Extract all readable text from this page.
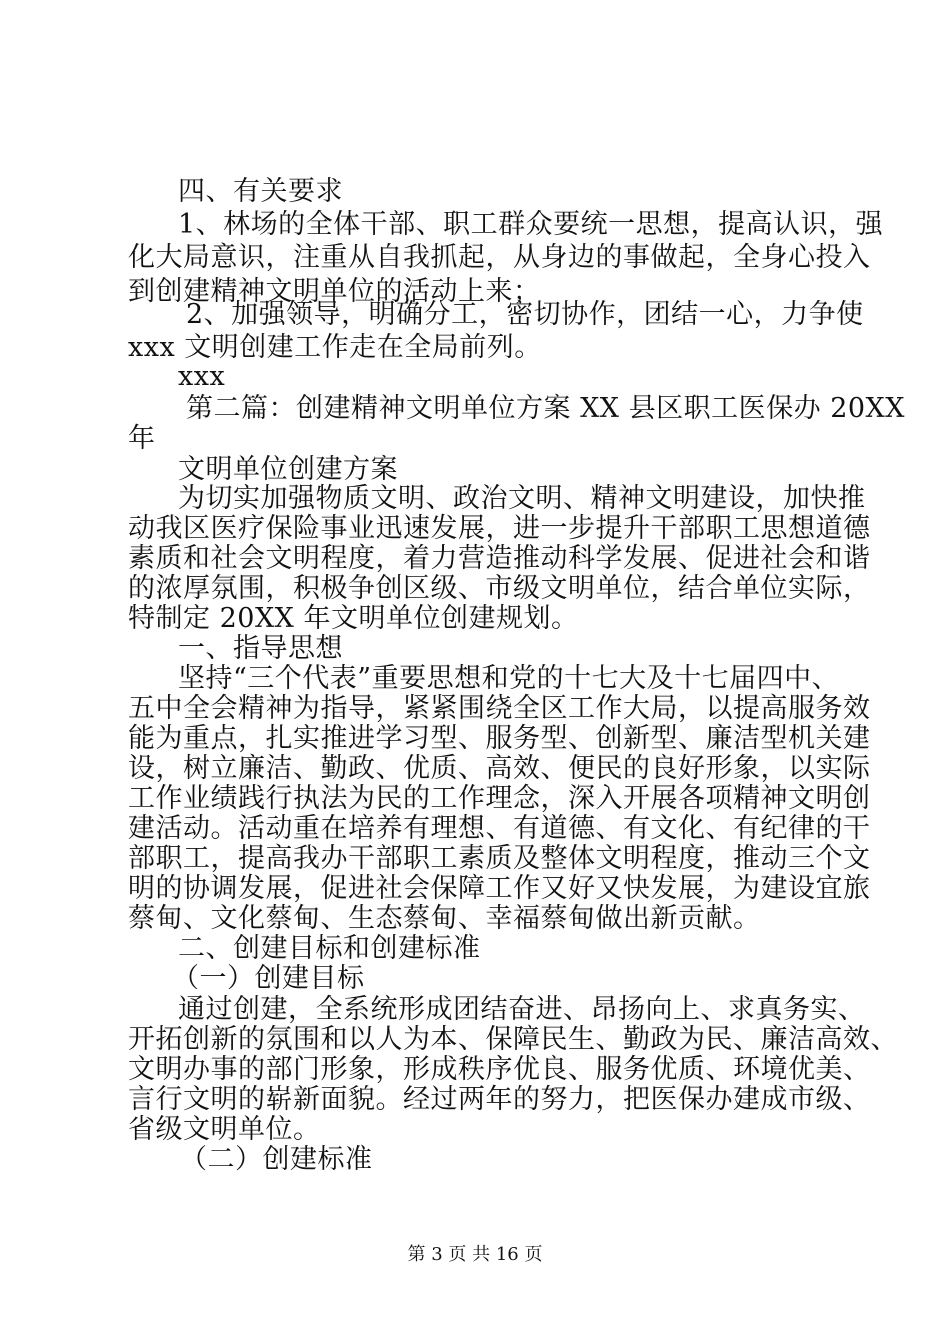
四、有关要求
1、林场的全体干部、职工群众要统一思想，提高认识，强
化大局意识，注重从自我抓起，从身边的事做起，全身心投入
到创建精神文明单位的活动上来；
2、加强领导，明确分工，密切协作，团结一心，力争使
xxx 文明创建工作走在全局前列。
xxx
第二篇：创建精神文明单位方案 XX 县区职工医保办 20XX
年
文明单位创建方案
为切实加强物质文明、政治文明、精神文明建设，加快推
动我区医疗保险事业迅速发展，进一步提升干部职工思想道德
素质和社会文明程度，着力营造推动科学发展、促进社会和谐
的浓厚氛围，积极争创区级、市级文明单位，结合单位实际，
特制定 20XX 年文明单位创建规划。
一、指导思想
坚持“三个代表”重要思想和党的十七大及十七届四中、
五中全会精神为指导，紧紧围绕全区工作大局，以提高服务效
能为重点，扎实推进学习型、服务型、创新型、廉洁型机关建
设，树立廉洁、勤政、优质、高效、便民的良好形象，以实际
工作业绩践行执法为民的工作理念，深入开展各项精神文明创
建活动。活动重在培养有理想、有道德、有文化、有纪律的干
部职工，提高我办干部职工素质及整体文明程度，推动三个文
明的协调发展，促进社会保障工作又好又快发展，为建设宜旅
蔡甸、文化蔡甸、生态蔡甸、幸福蔡甸做出新贡献。
二、创建目标和创建标准
（一）创建目标
通过创建，全系统形成团结奋进、昂扬向上、求真务实、
开拓创新的氛围和以人为本、保障民生、勤政为民、廉洁高效、
文明办事的部门形象，形成秩序优良、服务优质、环境优美、
言行文明的崭新面貌。经过两年的努力，把医保办建成市级、
省级文明单位。
（二）创建标准
第 3 页 共 16 页
